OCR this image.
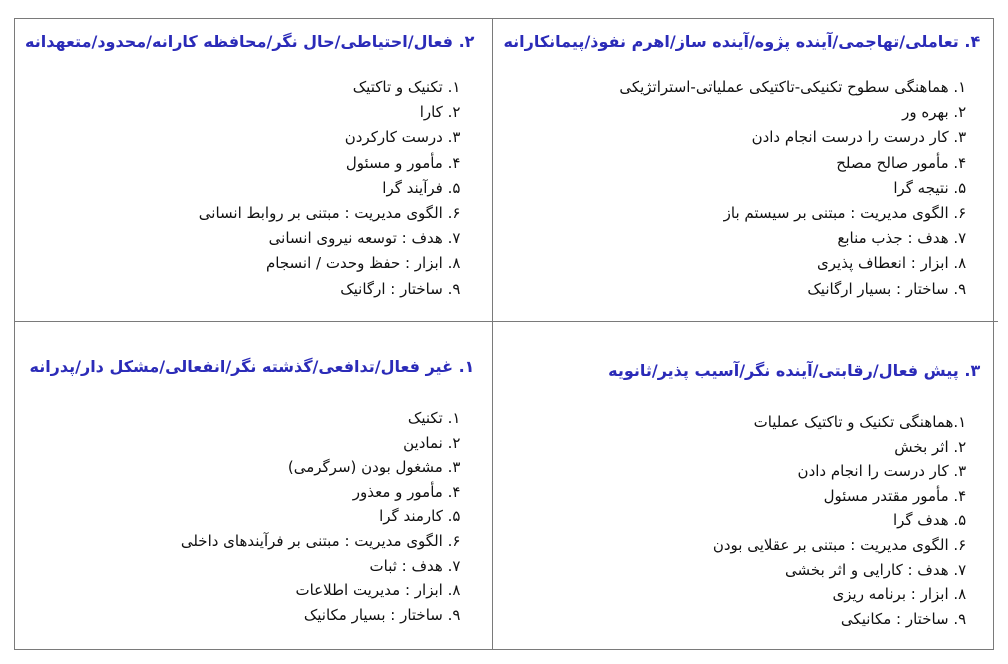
۲. فعال/احتیاطی/حال نگر/محافظه کارانه/محدود/متعهدانه
۱. تکنیک و تاکتیک
۲. کارا
۳. درست کارکردن
۴. مأمور و مسئول
۵. فرآیند گرا
۶. الگوی مدیریت : مبتنی بر روابط انسانی
۷. هدف : توسعه نیروی انسانی
۸. ابزار : حفظ وحدت / انسجام
۹. ساختار : ارگانیک
۴. تعاملی/تهاجمی/آینده پژوه/آینده ساز/اهرم نفوذ/پیمانکارانه
۱. هماهنگی سطوح تکنیکی-تاکتیکی عملیاتی-استراتژیکی
۲. بهره ور
۳. کار درست را درست انجام دادن
۴. مأمور صالح مصلح
۵. نتیجه گرا
۶. الگوی مدیریت : مبتنی بر سیستم باز
۷. هدف : جذب منابع
۸. ابزار : انعطاف پذیری
۹. ساختار : بسیار ارگانیک
۱. غیر فعال/تدافعی/گذشته نگر/انفعالی/مشکل دار/پدرانه
۱. تکنیک
۲. نمادین
۳. مشغول بودن (سرگرمی)
۴. مأمور و معذور
۵. کارمند گرا
۶. الگوی مدیریت : مبتنی بر فرآیندهای داخلی
۷. هدف : ثبات
۸. ابزار : مدیریت اطلاعات
۹. ساختار : بسیار مکانیک
۳. پیش فعال/رقابتی/آینده نگر/آسیب پذیر/ثانویه
۱.هماهنگی تکنیک و تاکتیک عملیات
۲. اثر بخش
۳. کار درست را انجام دادن
۴. مأمور مقتدر مسئول
۵. هدف گرا
۶. الگوی مدیریت : مبتنی بر عقلایی بودن
۷. هدف : کارایی و اثر بخشی
۸. ابزار : برنامه ریزی
۹. ساختار : مکانیکی
